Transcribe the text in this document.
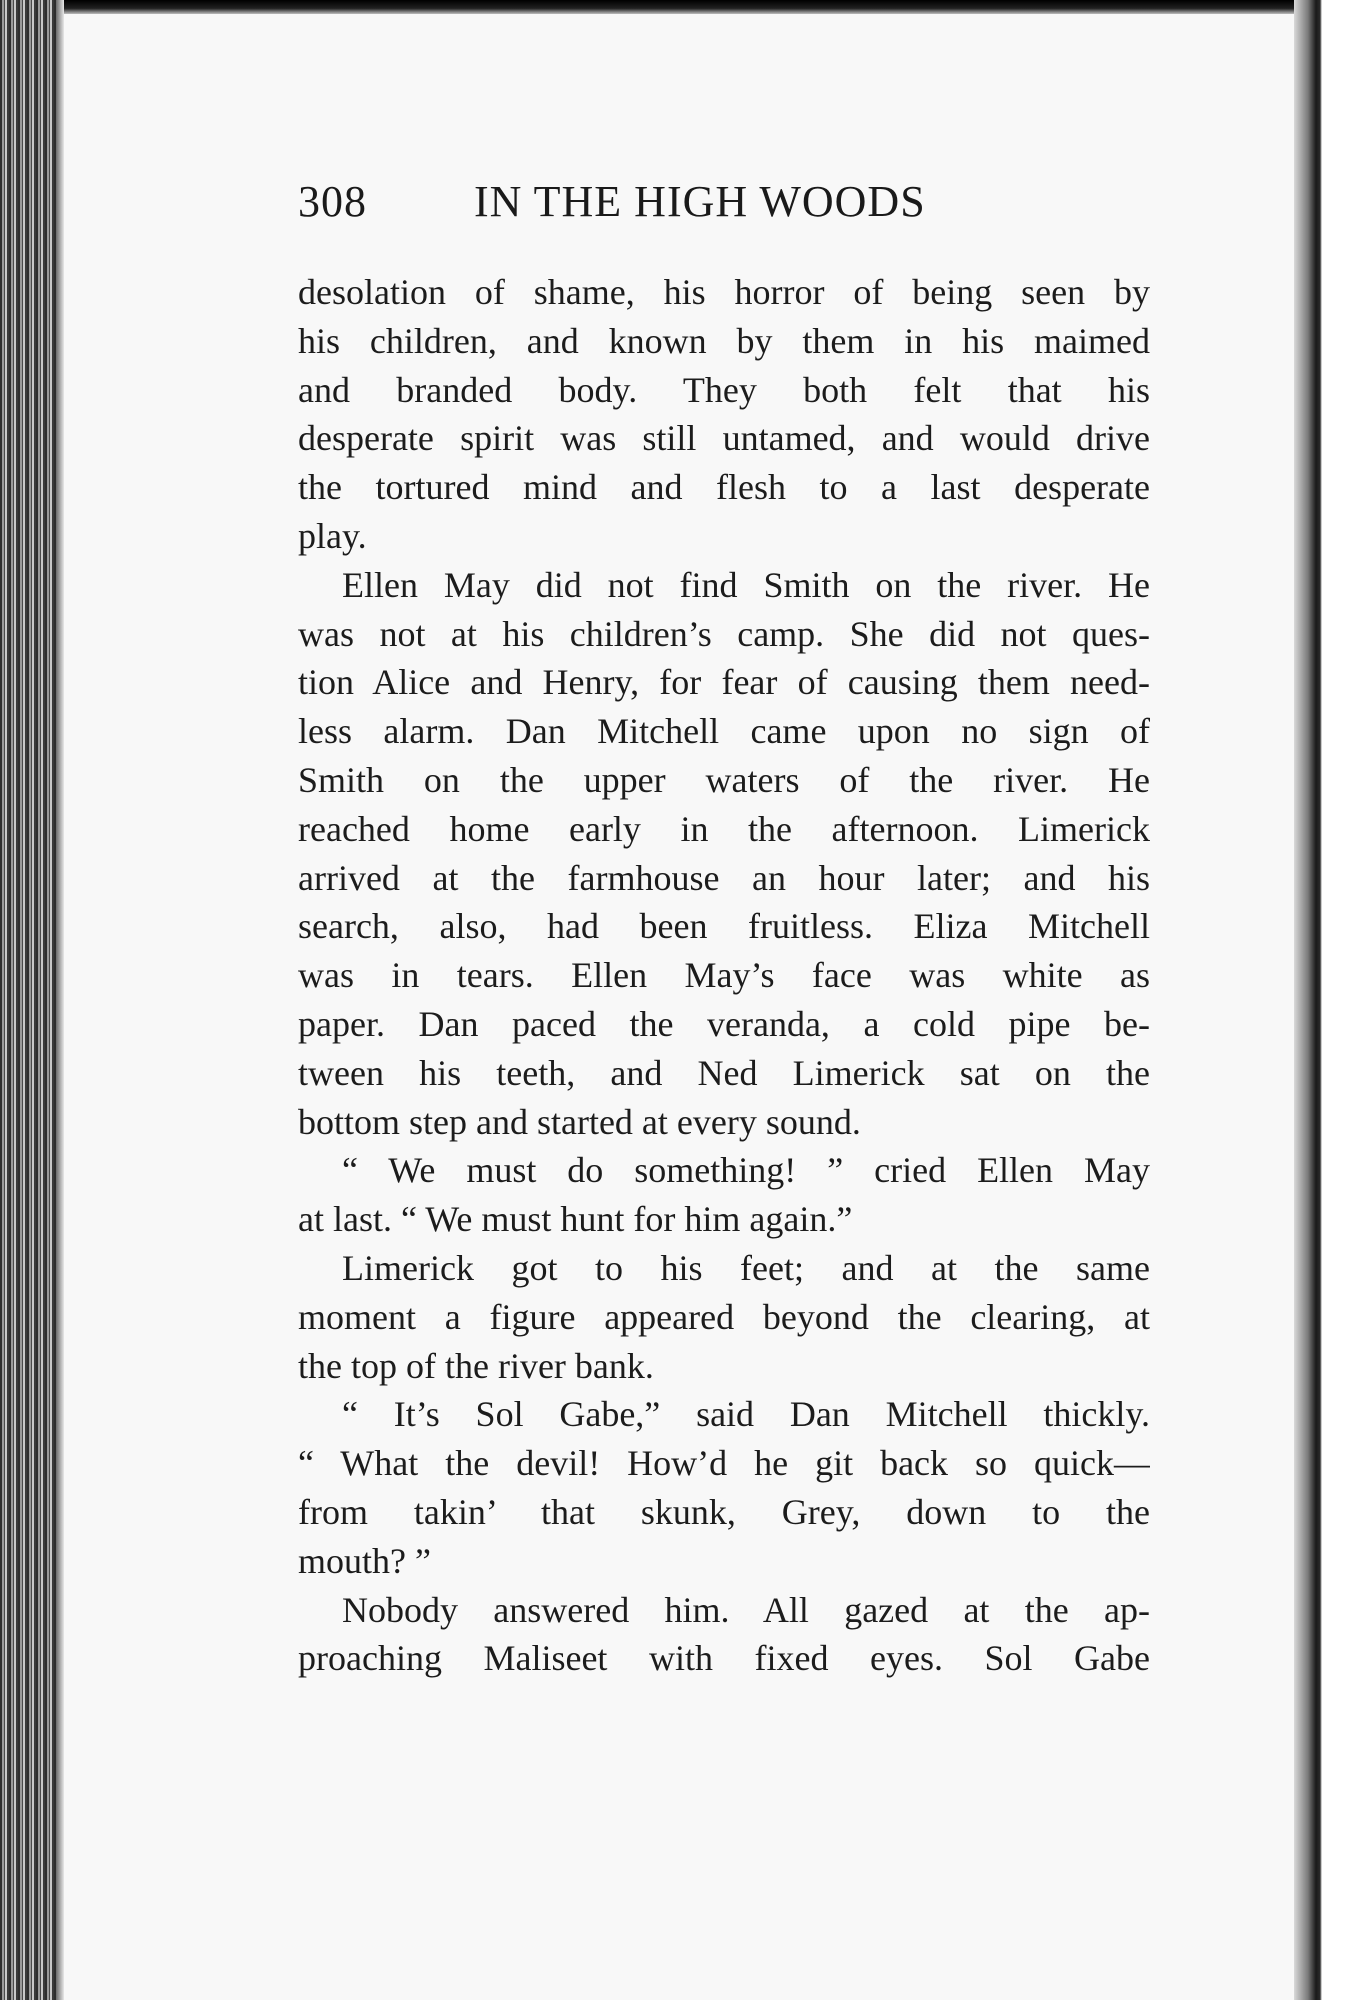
308 IN THE HIGH WOODS
desolation of shame, his horror of being seen by
his children, and known by them in his maimed
and branded body. They both felt that his
desperate spirit was still untamed, and would drive
the tortured mind and flesh to a last desperate
play.
Ellen May did not find Smith on the river. He
was not at his children’s camp. She did not ques-
tion Alice and Henry, for fear of causing them need-
less alarm. Dan Mitchell came upon no sign of
Smith on the upper waters of the river. He
reached home early in the afternoon. Limerick
arrived at the farmhouse an hour later; and his
search, also, had been fruitless. Eliza Mitchell
was in tears. Ellen May’s face was white as
paper. Dan paced the veranda, a cold pipe be-
tween his teeth, and Ned Limerick sat on the
bottom step and started at every sound.
“ We must do something! ” cried Ellen May
at last. “ We must hunt for him again.”
Limerick got to his feet; and at the same
moment a figure appeared beyond the clearing, at
the top of the river bank.
“ It’s Sol Gabe,” said Dan Mitchell thickly.
“ What the devil! How’d he git back so quick—
from takin’ that skunk, Grey, down to the
mouth? ”
Nobody answered him. All gazed at the ap-
proaching Maliseet with fixed eyes. Sol Gabe
